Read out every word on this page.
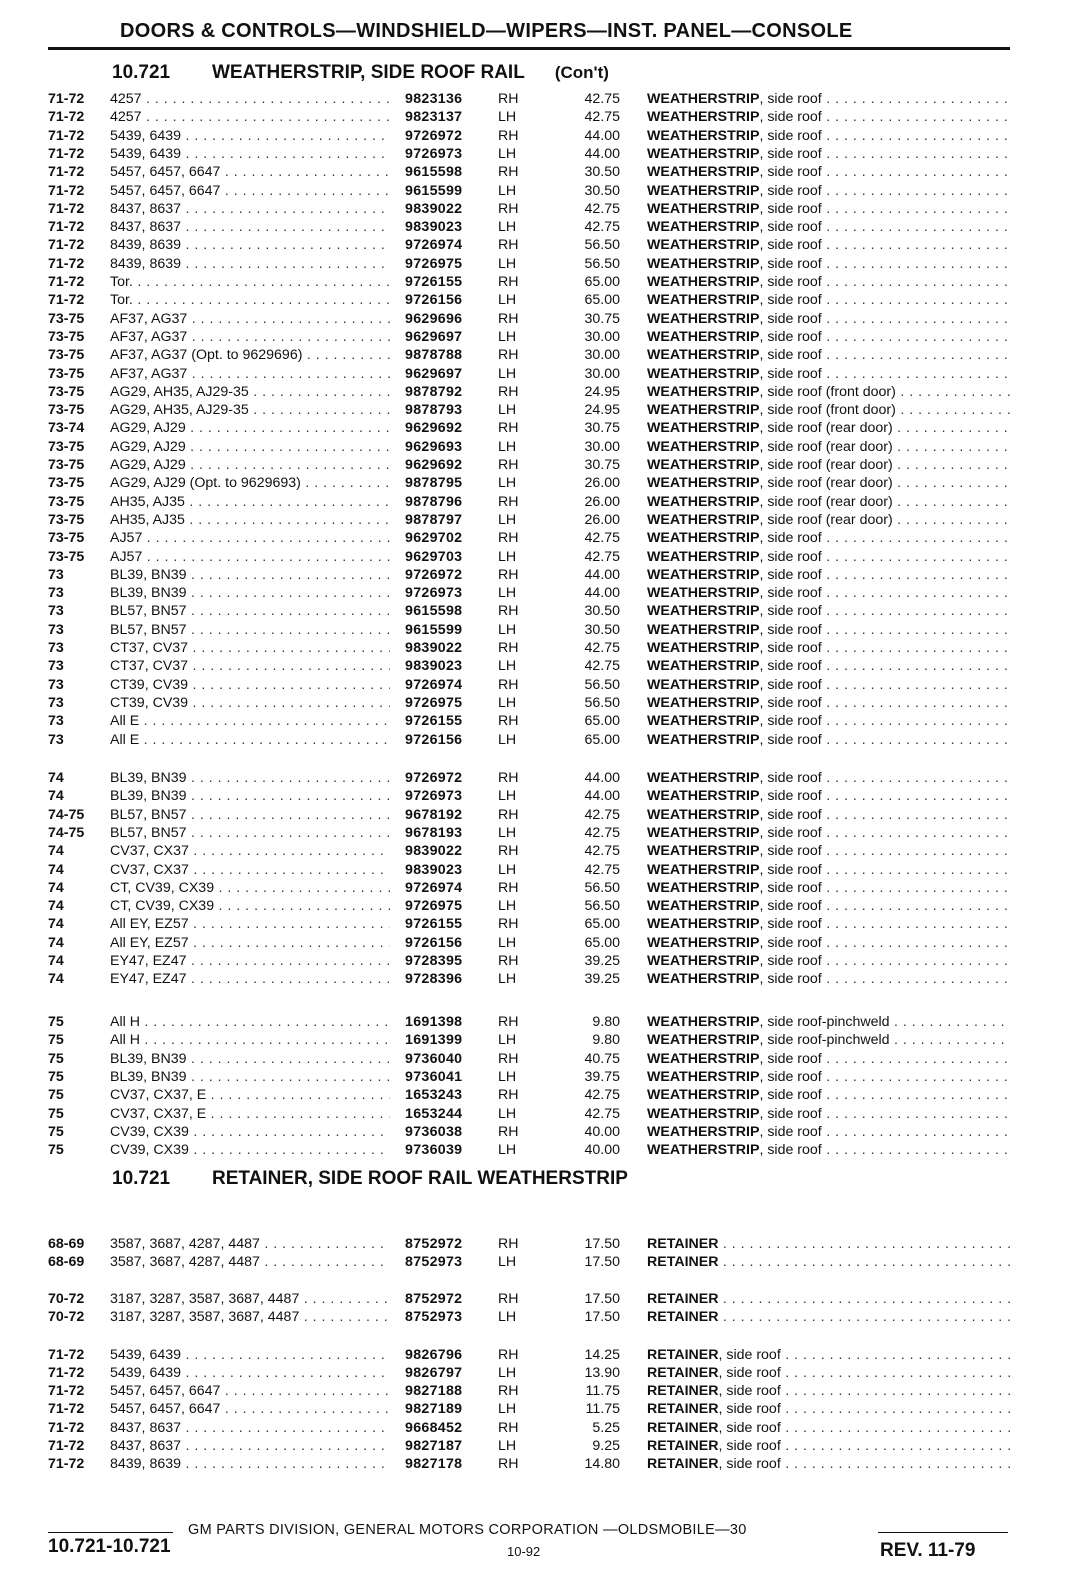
DOORS & CONTROLS—WINDSHIELD—WIPERS—INST. PANEL—CONSOLE
10.721 WEATHERSTRIP, SIDE ROOF RAIL (Con't)
71-72 4257 . . .	9823136	RH	42.75 WEATHERSTRIP, side roof . . .
71-72 4257 . . .	9823137	LH	42.75 WEATHERSTRIP, side roof . . .
71-72 5439, 6439 . . .	9726972	RH	44.00 WEATHERSTRIP, side roof . . .
71-72 5439, 6439 . . .	9726973	LH	44.00 WEATHERSTRIP, side roof . . .
71-72 5457, 6457, 6647 . . .	9615598	RH	30.50 WEATHERSTRIP, side roof . . .
71-72 5457, 6457, 6647 . . .	9615599	LH	30.50 WEATHERSTRIP, side roof . . .
71-72 8437, 8637 . . .	9839022	RH	42.75 WEATHERSTRIP, side roof . . .
71-72 8437, 8637 . . .	9839023	LH	42.75 WEATHERSTRIP, side roof . . .
71-72 8439, 8639 . . .	9726974	RH	56.50 WEATHERSTRIP, side roof . . .
71-72 8439, 8639 . . .	9726975	LH	56.50 WEATHERSTRIP, side roof . . .
71-72 Tor. . . .	9726155	RH	65.00 WEATHERSTRIP, side roof . . .
71-72 Tor. . . .	9726156	LH	65.00 WEATHERSTRIP, side roof . . .
73-75 AF37, AG37 . . .	9629696	RH	30.75 WEATHERSTRIP, side roof . . .
73-75 AF37, AG37 . . .	9629697	LH	30.00 WEATHERSTRIP, side roof . . .
73-75 AF37, AG37 (Opt. to 9629696) . . .	9878788	RH	30.00 WEATHERSTRIP, side roof . . .
73-75 AF37, AG37 . . .	9629697	LH	30.00 WEATHERSTRIP, side roof . . .
73-75 AG29, AH35, AJ29-35 . . .	9878792	RH	24.95 WEATHERSTRIP, side roof (front door) . . .
73-75 AG29, AH35, AJ29-35 . . .	9878793	LH	24.95 WEATHERSTRIP, side roof (front door) . . .
73-74 AG29, AJ29 . . .	9629692	RH	30.75 WEATHERSTRIP, side roof (rear door) . . .
73-75 AG29, AJ29 . . .	9629693	LH	30.00 WEATHERSTRIP, side roof (rear door) . . .
73-75 AG29, AJ29 . . .	9629692	RH	30.75 WEATHERSTRIP, side roof (rear door) . . .
73-75 AG29, AJ29 (Opt. to 9629693) . . .	9878795	LH	26.00 WEATHERSTRIP, side roof (rear door) . . .
73-75 AH35, AJ35 . . .	9878796	RH	26.00 WEATHERSTRIP, side roof (rear door) . . .
73-75 AH35, AJ35 . . .	9878797	LH	26.00 WEATHERSTRIP, side roof (rear door) . . .
73-75 AJ57 . . .	9629702	RH	42.75 WEATHERSTRIP, side roof . . .
73-75 AJ57 . . .	9629703	LH	42.75 WEATHERSTRIP, side roof . . .
73	BL39, BN39 . . .	9726972	RH	44.00 WEATHERSTRIP, side roof . . .
73	BL39, BN39 . . .	9726973	LH	44.00 WEATHERSTRIP, side roof . . .
73	BL57, BN57 . . .	9615598	RH	30.50 WEATHERSTRIP, side roof . . .
73	BL57, BN57 . . .	9615599	LH	30.50 WEATHERSTRIP, side roof . . .
73	CT37, CV37 . . .	9839022	RH	42.75 WEATHERSTRIP, side roof . . .
73	CT37, CV37 . . .	9839023	LH	42.75 WEATHERSTRIP, side roof . . .
73	CT39, CV39 . . .	9726974	RH	56.50 WEATHERSTRIP, side roof . . .
73	CT39, CV39 . . .	9726975	LH	56.50 WEATHERSTRIP, side roof . . .
73	All E . . .	9726155	RH	65.00 WEATHERSTRIP, side roof . . .
73	All E . . .	9726156	LH	65.00 WEATHERSTRIP, side roof . . .
74	BL39, BN39 . . .	9726972	RH	44.00 WEATHERSTRIP, side roof . . .
74	BL39, BN39 . . .	9726973	LH	44.00 WEATHERSTRIP, side roof . . .
74-75 BL57, BN57 . . .	9678192	RH	42.75 WEATHERSTRIP, side roof . . .
74-75 BL57, BN57 . . .	9678193	LH	42.75 WEATHERSTRIP, side roof . . .
74	CV37, CX37 . . .	9839022	RH	42.75 WEATHERSTRIP, side roof . . .
74	CV37, CX37 . . .	9839023	LH	42.75 WEATHERSTRIP, side roof . . .
74	CT, CV39, CX39 . . .	9726974	RH	56.50 WEATHERSTRIP, side roof . . .
74	CT, CV39, CX39 . . .	9726975	LH	56.50 WEATHERSTRIP, side roof . . .
74	All EY, EZ57 . . .	9726155	RH	65.00 WEATHERSTRIP, side roof . . .
74	All EY, EZ57 . . .	9726156	LH	65.00 WEATHERSTRIP, side roof . . .
74	EY47, EZ47 . . .	9728395	RH	39.25 WEATHERSTRIP, side roof . . .
74	EY47, EZ47 . . .	9728396	LH	39.25 WEATHERSTRIP, side roof . . .
75	All H . . .	1691398	RH	9.80 WEATHERSTRIP, side roof-pinchweld . . .
75	All H . . .	1691399	LH	9.80 WEATHERSTRIP, side roof-pinchweld . . .
75	BL39, BN39 . . .	9736040	RH	40.75 WEATHERSTRIP, side roof . . .
75	BL39, BN39 . . .	9736041	LH	39.75 WEATHERSTRIP, side roof . . .
75	CV37, CX37, E . . .	1653243	RH	42.75 WEATHERSTRIP, side roof . . .
75	CV37, CX37, E . . .	1653244	LH	42.75 WEATHERSTRIP, side roof . . .
75	CV39, CX39 . . .	9736038	RH	40.00 WEATHERSTRIP, side roof . . .
75	CV39, CX39 . . .	9736039	LH	40.00 WEATHERSTRIP, side roof . . .
10.721 RETAINER, SIDE ROOF RAIL WEATHERSTRIP
68-69 3587, 3687, 4287, 4487 . . .	8752972	RH	17.50 RETAINER . . .
68-69 3587, 3687, 4287, 4487 . . .	8752973	LH	17.50 RETAINER . . .
70-72 3187, 3287, 3587, 3687, 4487 . . .	8752972	RH	17.50 RETAINER . . .
70-72 3187, 3287, 3587, 3687, 4487 . . .	8752973	LH	17.50 RETAINER . . .
71-72 5439, 6439 . . .	9826796	RH	14.25 RETAINER, side roof . . .
71-72 5439, 6439 . . .	9826797	LH	13.90 RETAINER, side roof . . .
71-72 5457, 6457, 6647 . . .	9827188	RH	11.75 RETAINER, side roof . . .
71-72 5457, 6457, 6647 . . .	9827189	LH	11.75 RETAINER, side roof . . .
71-72 8437, 8637 . . .	9668452	RH	5.25 RETAINER, side roof . . .
71-72 8437, 8637 . . .	9827187	LH	9.25 RETAINER, side roof . . .
71-72 8439, 8639 . . .	9827178	RH	14.80 RETAINER, side roof . . .
GM PARTS DIVISION, GENERAL MOTORS CORPORATION —OLDSMOBILE—30
10.721-10.721	10-92	REV. 11-79
